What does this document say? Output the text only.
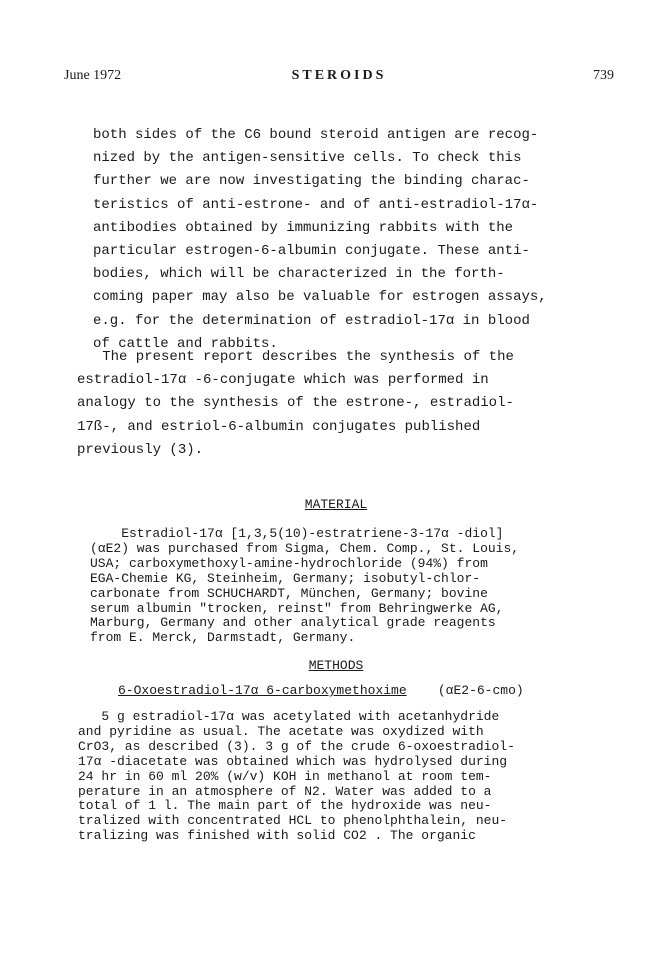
June 1972	STEROIDS	739
both sides of the C6 bound steroid antigen are recog-
nized by the antigen-sensitive cells. To check this
further we are now investigating the binding charac-
teristics of anti-estrone- and of anti-estradiol-17α-
antibodies obtained by immunizing rabbits with the
particular estrogen-6-albumin conjugate. These anti-
bodies, which will be characterized in the forth-
coming paper may also be valuable for estrogen assays,
e.g. for the determination of estradiol-17α in blood
of cattle and rabbits.
The present report describes the synthesis of the
estradiol-17α -6-conjugate which was performed in
analogy to the synthesis of the estrone-, estradiol-
17ß-, and estriol-6-albumin conjugates published
previously (3).
MATERIAL
Estradiol-17α [1,3,5(10)-estratriene-3-17α -diol]
(αE2) was purchased from Sigma, Chem. Comp., St. Louis,
USA; carboxymethoxyl-amine-hydrochloride (94%) from
EGA-Chemie KG, Steinheim, Germany; isobutyl-chlor-
carbonate from SCHUCHARDT, München, Germany; bovine
serum albumin "trocken, reinst" from Behringwerke AG,
Marburg, Germany and other analytical grade reagents
from E. Merck, Darmstadt, Germany.
METHODS
6-Oxoestradiol-17α 6-carboxymethoxime (αE2-6-cmo)
5 g estradiol-17α was acetylated with acetanhydride
and pyridine as usual. The acetate was oxydized with
CrO3, as described (3). 3 g of the crude 6-oxoestradiol-
17α -diacetate was obtained which was hydrolysed during
24 hr in 60 ml 20% (w/v) KOH in methanol at room tem-
perature in an atmosphere of N2. Water was added to a
total of 1 l. The main part of the hydroxide was neu-
tralized with concentrated HCL to phenolphthalein, neu-
tralizing was finished with solid CO2 . The organic
